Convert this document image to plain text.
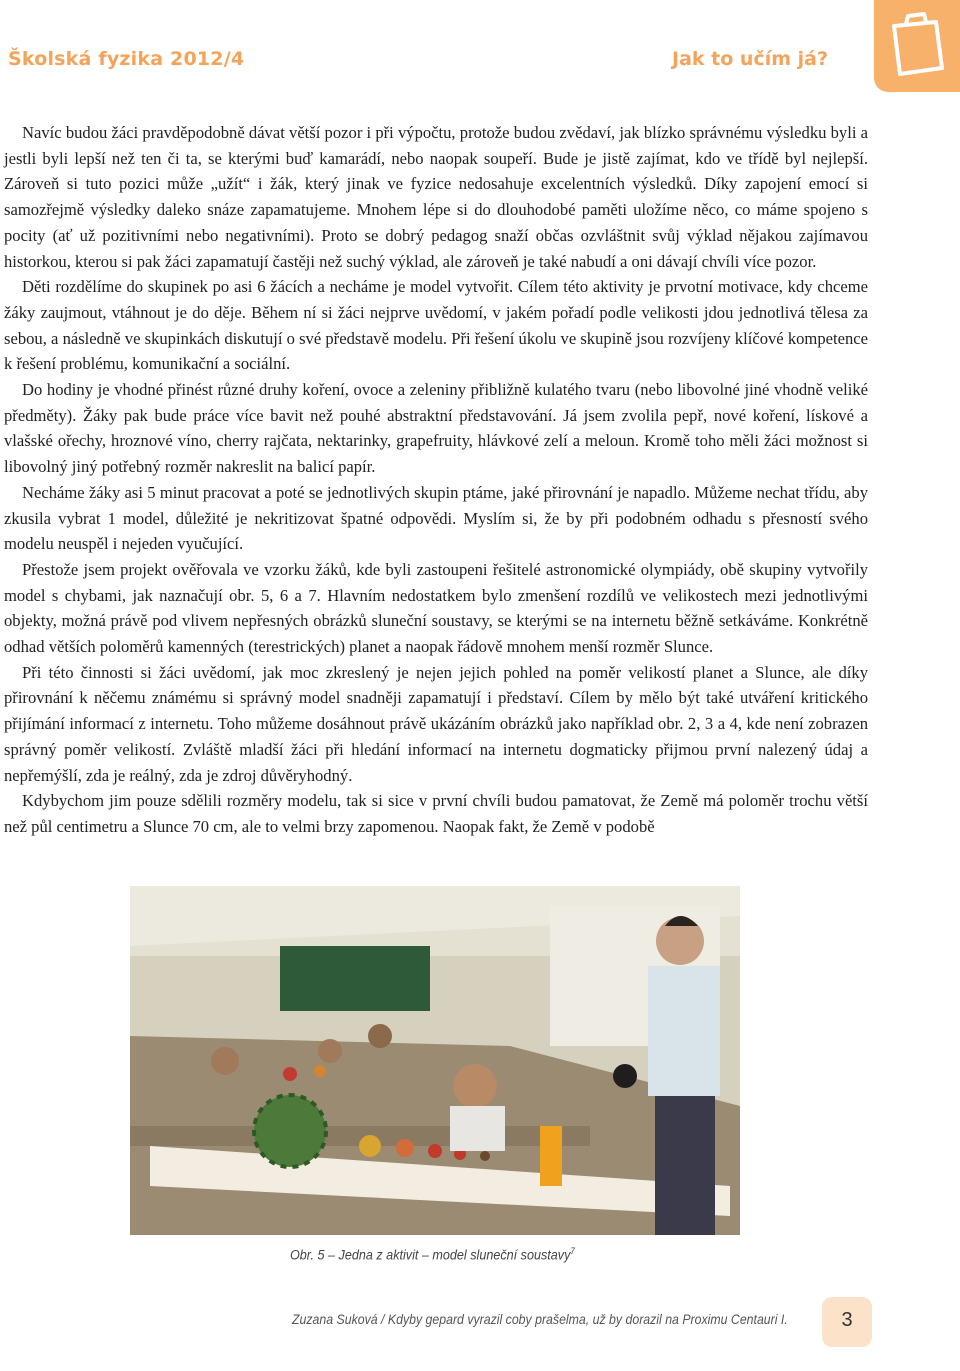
Školská fyzika 2012/4	Jak to učím já?

Navíc budou žáci pravděpodobně dávat větší pozor i při výpočtu, protože budou zvědaví, jak blízko správnému výsledku byli a jestli byli lepší než ten či ta, se kterými buď kamarádí, nebo naopak soupeří. Bude je jistě zajímat, kdo ve třídě byl nejlepší. Zároveň si tuto pozici může „užít“ i žák, který jinak ve fyzice nedosahuje excelentních výsledků. Díky zapojení emocí si samozřejmě výsledky daleko snáze zapamatujeme. Mnohem lépe si do dlouhodobé paměti uložíme něco, co máme spojeno s pocity (ať už pozitivními nebo negativními). Proto se dobrý pedagog snaží občas ozvláštnit svůj výklad nějakou zajímavou historkou, kterou si pak žáci zapamatují častěji než suchý výklad, ale zároveň je také nabudí a oni dávají chvíli více pozor.

Děti rozdělíme do skupinek po asi 6 žácích a necháme je model vytvořit. Cílem této aktivity je prvotní motivace, kdy chceme žáky zaujmout, vtáhnout je do děje. Během ní si žáci nejprve uvědomí, v jakém pořadí podle velikosti jdou jednotlivá tělesa za sebou, a následně ve skupinkách diskutují o své představě modelu. Při řešení úkolu ve skupině jsou rozvíjeny klíčové kompetence k řešení problému, komunikační a sociální.

Do hodiny je vhodné přinést různé druhy koření, ovoce a zeleniny přibližně kulatého tvaru (nebo libovolné jiné vhodně veliké předměty). Žáky pak bude práce více bavit než pouhé abstraktní představování. Já jsem zvolila pepř, nové koření, lískové a vlašské ořechy, hroznové víno, cherry rajčata, nektarinky, grapefruity, hlávkové zelí a meloun. Kromě toho měli žáci možnost si libovolný jiný potřebný rozměr nakreslit na balicí papír.

Necháme žáky asi 5 minut pracovat a poté se jednotlivých skupin ptáme, jaké přirovnání je napadlo. Můžeme nechat třídu, aby zkusila vybrat 1 model, důležité je nekritizovat špatné odpovědi. Myslím si, že by při podobném odhadu s přesností svého modelu neuspěl i nejeden vyučující.

Přestože jsem projekt ověřovala ve vzorku žáků, kde byli zastoupeni řešitelé astronomické olympiády, obě skupiny vytvořily model s chybami, jak naznačují obr. 5, 6 a 7. Hlavním nedostatkem bylo zmenšení rozdílů ve velikostech mezi jednotlivými objekty, možná právě pod vlivem nepřesných obrázků sluneční soustavy, se kterými se na internetu běžně setkáváme. Konkrétně odhad větších poloměrů kamenných (terestrických) planet a naopak řádově mnohem menší rozměr Slunce.

Při této činnosti si žáci uvědomí, jak moc zkreslený je nejen jejich pohled na poměr velikostí planet a Slunce, ale díky přirovnání k něčemu známému si správný model snadněji zapamatují i představí. Cílem by mělo být také utváření kritického přijímání informací z internetu. Toho můžeme dosáhnout právě ukázáním obrázků jako například obr. 2, 3 a 4, kde není zobrazen správný poměr velikostí. Zvláště mladší žáci při hledání informací na internetu dogmaticky přijmou první nalezený údaj a nepřemýšlí, zda je reálný, zda je zdroj důvěryhodný.

Kdybychom jim pouze sdělili rozměry modelu, tak si sice v první chvíli budou pamatovat, že Země má poloměr trochu větší než půl centimetru a Slunce 70 cm, ale to velmi brzy zapomenou. Naopak fakt, že Země v podobě

Obr. 5 – Jedna z aktivit – model sluneční soustavy$^7$
Zuzana Suková / Kdyby gepard vyrazil coby prašelma, už by dorazil na Proximu Centauri I.	3
